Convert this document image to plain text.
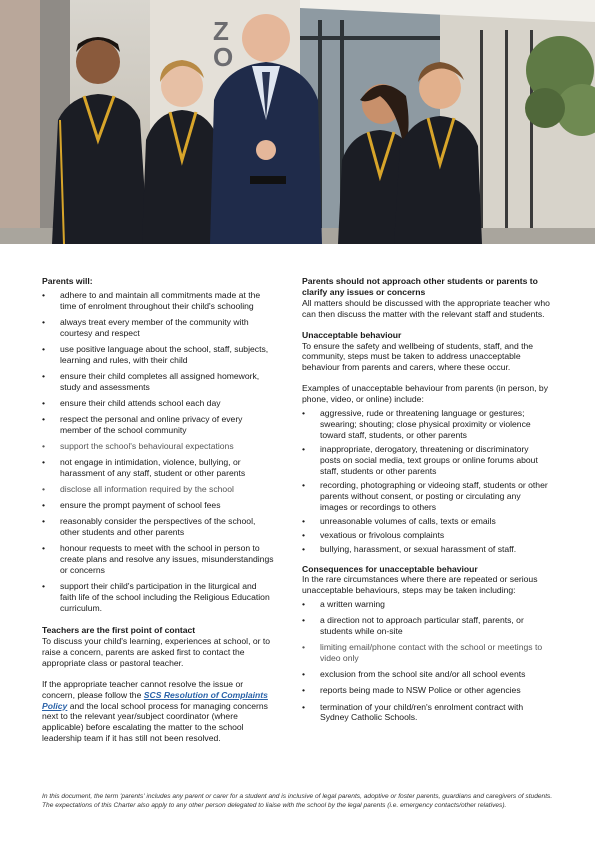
Z
O
Parents will:
• adhere to and maintain all commitments made at the time of enrolment throughout their child's schooling
• always treat every member of the community with courtesy and respect
• use positive language about the school, staff, subjects, learning and rules, with their child
• ensure their child completes all assigned homework, study and assessments
• ensure their child attends school each day
• respect the personal and online privacy of every member of the school community
• support the school's behavioural expectations
• not engage in intimidation, violence, bullying, or harassment of any staff, student or other parents
• disclose all information required by the school
• ensure the prompt payment of school fees
• reasonably consider the perspectives of the school, other students and other parents
• honour requests to meet with the school in person to create plans and resolve any issues, misunderstandings or concerns
• support their child's participation in the liturgical and faith life of the school including the Religious Education curriculum.
Teachers are the first point of contact

To discuss your child's learning, experiences at school, or to raise a concern, parents are asked first to contact the appropriate class or pastoral teacher.

If the appropriate teacher cannot resolve the issue or concern, please follow the SCS Resolution of Complaints Policy and the local school process for managing concerns next to the relevant year/subject coordinator (where applicable) before escalating the matter to the school leadership team if it has still not been resolved.

Parents should not approach other students or parents to clarify any issues or concerns

All matters should be discussed with the appropriate teacher who can then discuss the matter with the relevant staff and students.

Unacceptable behaviour

To ensure the safety and wellbeing of students, staff, and the community, steps must be taken to address unacceptable behaviour from parents and carers, where these occur.

Examples of unacceptable behaviour from parents (in person, by phone, video, or online) include:

• aggressive, rude or threatening language or gestures; swearing; shouting; close physical proximity or violence toward staff, students, or other parents
• inappropriate, derogatory, threatening or discriminatory posts on social media, text groups or online forums about staff, students or other parents
• recording, photographing or videoing staff, students or other parents without consent, or posting or circulating any images or recordings to others
• unreasonable volumes of calls, texts or emails
• vexatious or frivolous complaints
• bullying, harassment, or sexual harassment of staff.
Consequences for unacceptable behaviour

In the rare circumstances where there are repeated or serious unacceptable behaviours, steps may be taken including:

• a written warning
• a direction not to approach particular staff, parents, or students while on-site
• limiting email/phone contact with the school or meetings to video only
• exclusion from the school site and/or all school events
• reports being made to NSW Police or other agencies
• termination of your child/ren's enrolment contract with Sydney Catholic Schools.

In this document, the term 'parents' includes any parent or carer for a student and is inclusive of legal parents, adoptive or foster parents, guardians and caregivers of students. The expectations of this Charter also apply to any other person delegated to liaise with the school by the legal parents (i.e. emergency contacts/other relatives).
